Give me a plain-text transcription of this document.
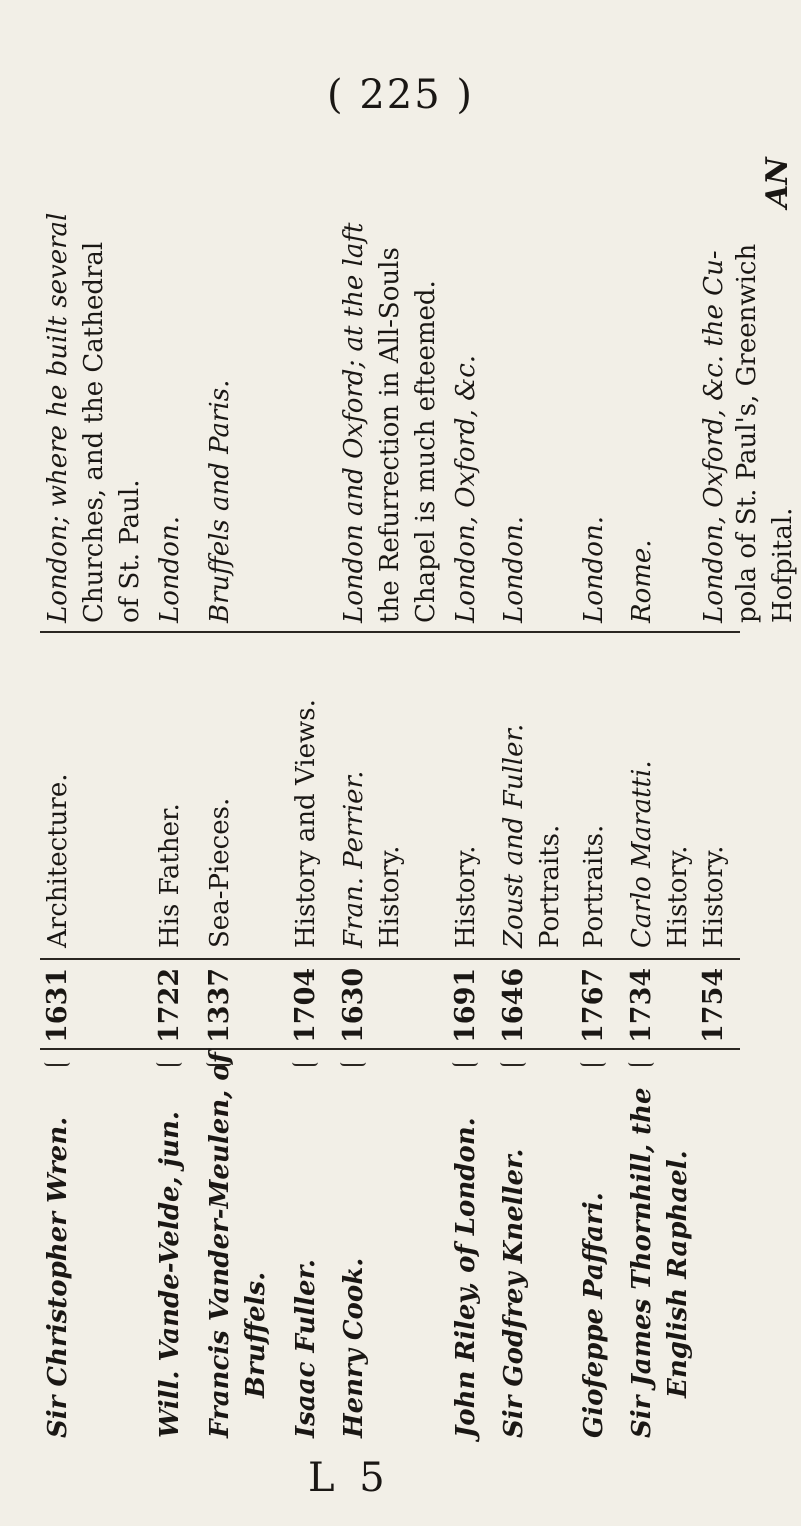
( 225 )
Sir Christopher Wren.
1631
Architecture.
London; where he built several Churches, and the Cathedral of St. Paul.
Will. Vande-Velde, jun.
1722
His Father.
London.
Francis Vander-Meulen, of Bruffels.
1337
Sea-Pieces.
Bruffels and Paris.
Isaac Fuller.
1704
History and Views.
Henry Cook.
1630
Fran. Perrier. History.
London and Oxford; at the laft the Refurrection in All-Souls Chapel is much efteemed.
John Riley, of London.
1691
History.
London, Oxford, &c.
Sir Godfrey Kneller.
1646
Zoust and Fuller. Portraits.
London.
Giofeppe Paffari.
1767
Portraits.
London.
Sir James Thornhill, the English Raphael.
1734
Carlo Maratti. History.
Rome.
1754
History.
London, Oxford, &c. the Cu- pola of St. Paul's, Greenwich Hofpital.
AN
L 5
